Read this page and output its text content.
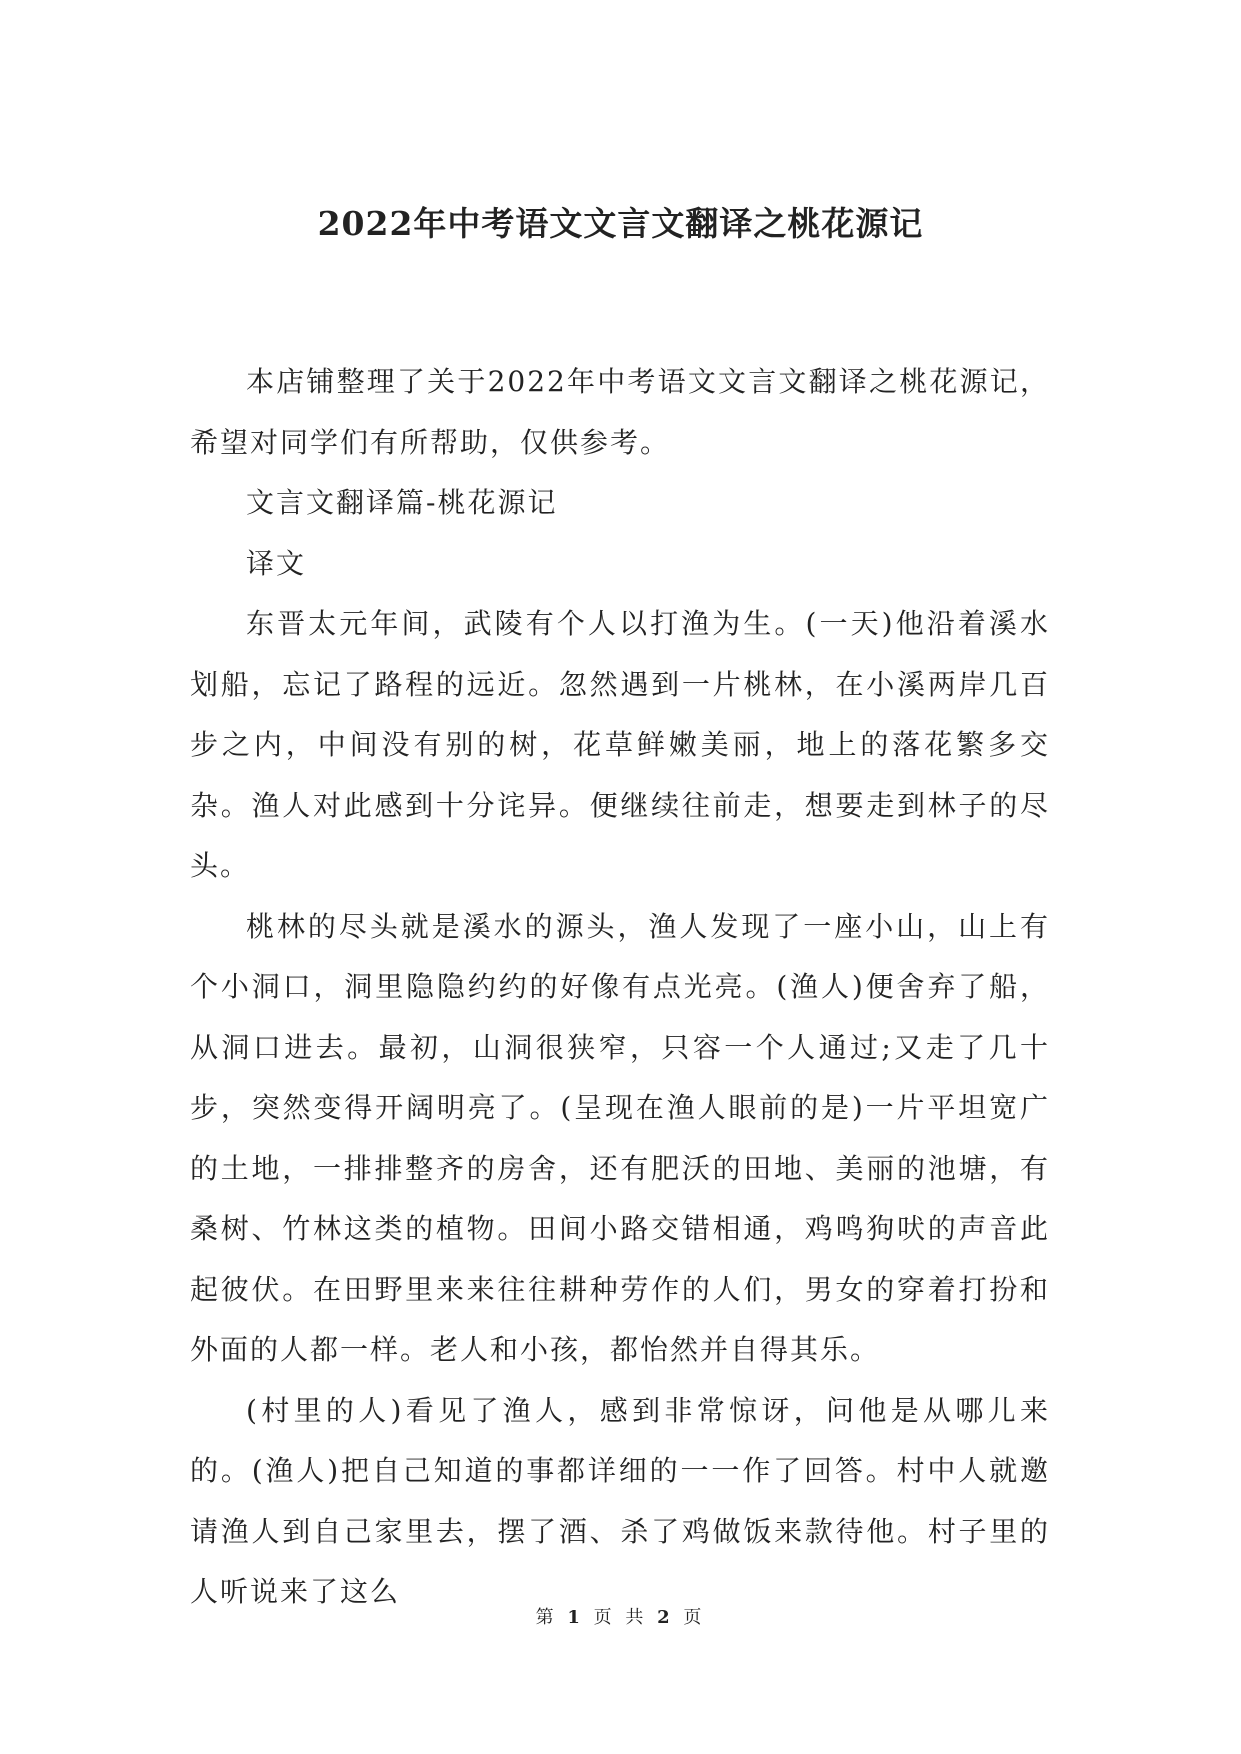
2022年中考语文文言文翻译之桃花源记

本店铺整理了关于2022年中考语文文言文翻译之桃花源记，希望对同学们有所帮助，仅供参考。

文言文翻译篇-桃花源记

译文

东晋太元年间，武陵有个人以打渔为生。(一天)他沿着溪水划船，忘记了路程的远近。忽然遇到一片桃林，在小溪两岸几百步之内，中间没有别的树，花草鲜嫩美丽，地上的落花繁多交杂。渔人对此感到十分诧异。便继续往前走，想要走到林子的尽头。

桃林的尽头就是溪水的源头，渔人发现了一座小山，山上有个小洞口，洞里隐隐约约的好像有点光亮。(渔人)便舍弃了船，从洞口进去。最初，山洞很狭窄，只容一个人通过;又走了几十步，突然变得开阔明亮了。(呈现在渔人眼前的是)一片平坦宽广的土地，一排排整齐的房舍，还有肥沃的田地、美丽的池塘，有桑树、竹林这类的植物。田间小路交错相通，鸡鸣狗吠的声音此起彼伏。在田野里来来往往耕种劳作的人们，男女的穿着打扮和外面的人都一样。老人和小孩，都怡然并自得其乐。

(村里的人)看见了渔人，感到非常惊讶，问他是从哪儿来的。(渔人)把自己知道的事都详细的一一作了回答。村中人就邀请渔人到自己家里去，摆了酒、杀了鸡做饭来款待他。村子里的人听说来了这么

第 1 页 共 2 页
